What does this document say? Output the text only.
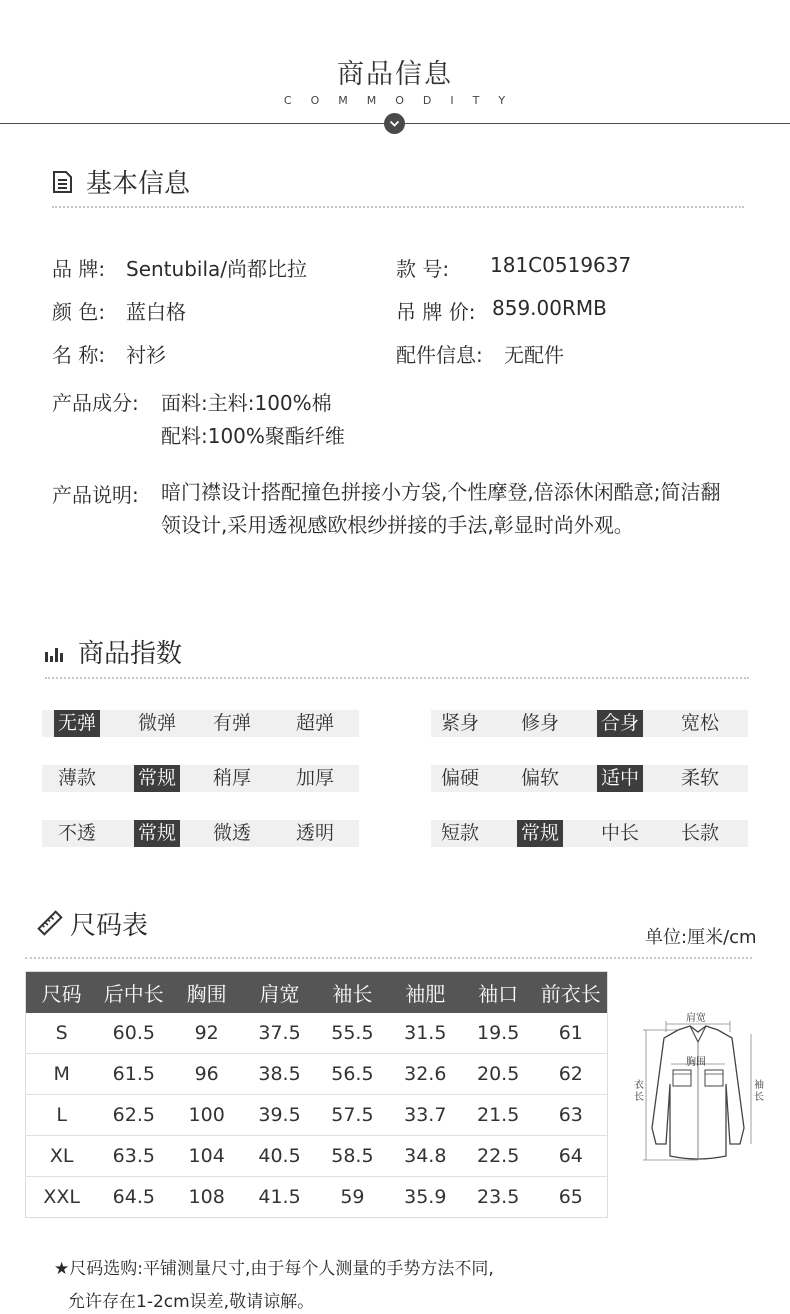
商品信息
COMMODITY
基本信息
品 牌: Sentubila/尚都比拉	款 号: 181C0519637
颜 色: 蓝白格	吊 牌 价: 859.00RMB
名 称: 衬衫	配件信息: 无配件
产品成分: 面料:主料:100%棉
配料:100%聚酯纤维
产品说明: 暗门襟设计搭配撞色拼接小方袋,个性摩登,倍添休闲酷意;简洁翻领设计,采用透视感欧根纱拼接的手法,彰显时尚外观。
商品指数
无弹 微弹 有弹 超弹	紧身 修身 合身 宽松
薄款 常规 稍厚 加厚	偏硬 偏软 适中 柔软
不透 常规 微透 透明	短款 常规 中长 长款
尺码表	单位:厘米/cm
尺码	后中长	胸围	肩宽	袖长	袖肥	袖口	前衣长
S	60.5	92	37.5	55.5	31.5	19.5	61
M	61.5	96	38.5	56.5	32.6	20.5	62
L	62.5	100	39.5	57.5	33.7	21.5	63
XL	63.5	104	40.5	58.5	34.8	22.5	64
XXL	64.5	108	41.5	59	35.9	23.5	65
肩宽
胸围
衣长
袖长
★尺码选购:平铺测量尺寸,由于每个人测量的手势方法不同,
允许存在1-2cm误差,敬请谅解。
